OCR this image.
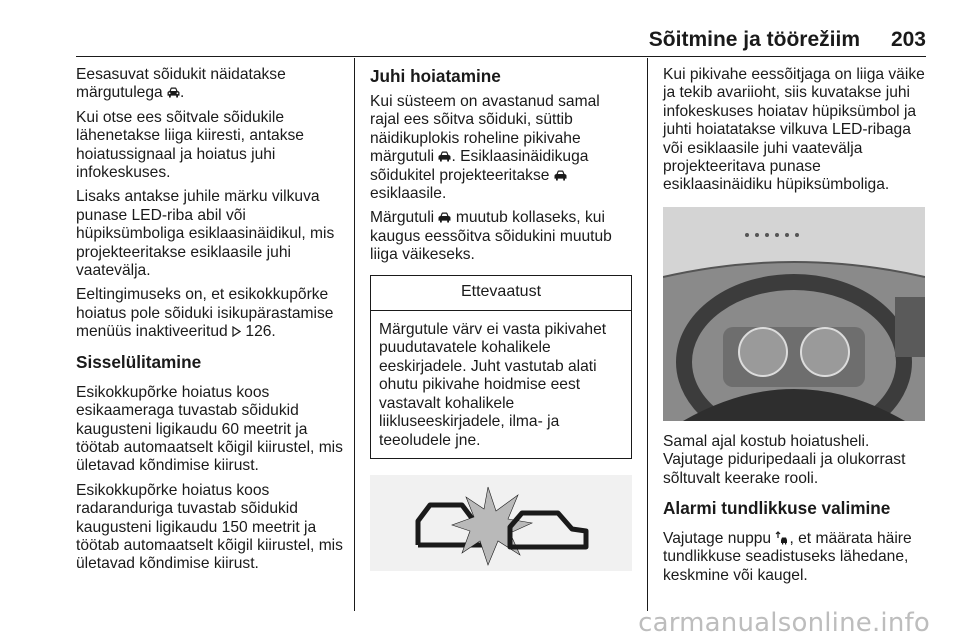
Sõitmine ja töörežiim 203

Eesasuvat sõidukit näidatakse märgutulega .

Kui otse ees sõitvale sõidukile lähenetakse liiga kiiresti, antakse hoiatussignaal ja hoiatus juhi infokeskuses.

Lisaks antakse juhile märku vilkuva punase LED-riba abil või hüpiksümboliga esiklaasinäidikul, mis projekteeritakse esiklaasile juhi vaatevälja.

Eeltingimuseks on, et esikokkupõrke hoiatus pole sõiduki isikupärastamise menüüs inaktiveeritud 126.

Sisselülitamine

Esikokkupõrke hoiatus koos esikaameraga tuvastab sõidukid kaugusteni ligikaudu 60 meetrit ja töötab automaatselt kõigil kiirustel, mis ületavad kõndimise kiirust.

Esikokkupõrke hoiatus koos radaranduriga tuvastab sõidukid kaugusteni ligikaudu 150 meetrit ja töötab automaatselt kõigil kiirustel, mis ületavad kõndimise kiirust.

Juhi hoiatamine

Kui süsteem on avastanud samal rajal ees sõitva sõiduki, süttib näidikuplokis roheline pikivahe märgutuli . Esiklaasinäidikuga sõidukitel projekteeritakse  esiklaasile.

Märgutuli muutub kollaseks, kui kaugus eessõitva sõidukini muutub liiga väikeseks.

Ettevaatust
Märgutule värv ei vasta pikivahet puudutavatele kohalikele eeskirjadele. Juht vastutab alati ohutu pikivahe hoidmise eest vastavalt kohalikele liikluseeskirjadele, ilma- ja teeoludele jne.

Kui pikivahe eessõitjaga on liiga väike ja tekib avariioht, siis kuvatakse juhi infokeskuses hoiatav hüpiksümbol ja juhti hoiatatakse vilkuva LED-ribaga või esiklaasile juhi vaatevälja projekteeritava punase esiklaasinäidiku hüpiksümboliga.

Samal ajal kostub hoiatusheli. Vajutage piduripedaali ja olukorrast sõltuvalt keerake rooli.

Alarmi tundlikkuse valimine

Vajutage nuppu , et määrata häire tundlikkuse seadistuseks lähedane, keskmine või kaugel.

carmanualsonline.info
